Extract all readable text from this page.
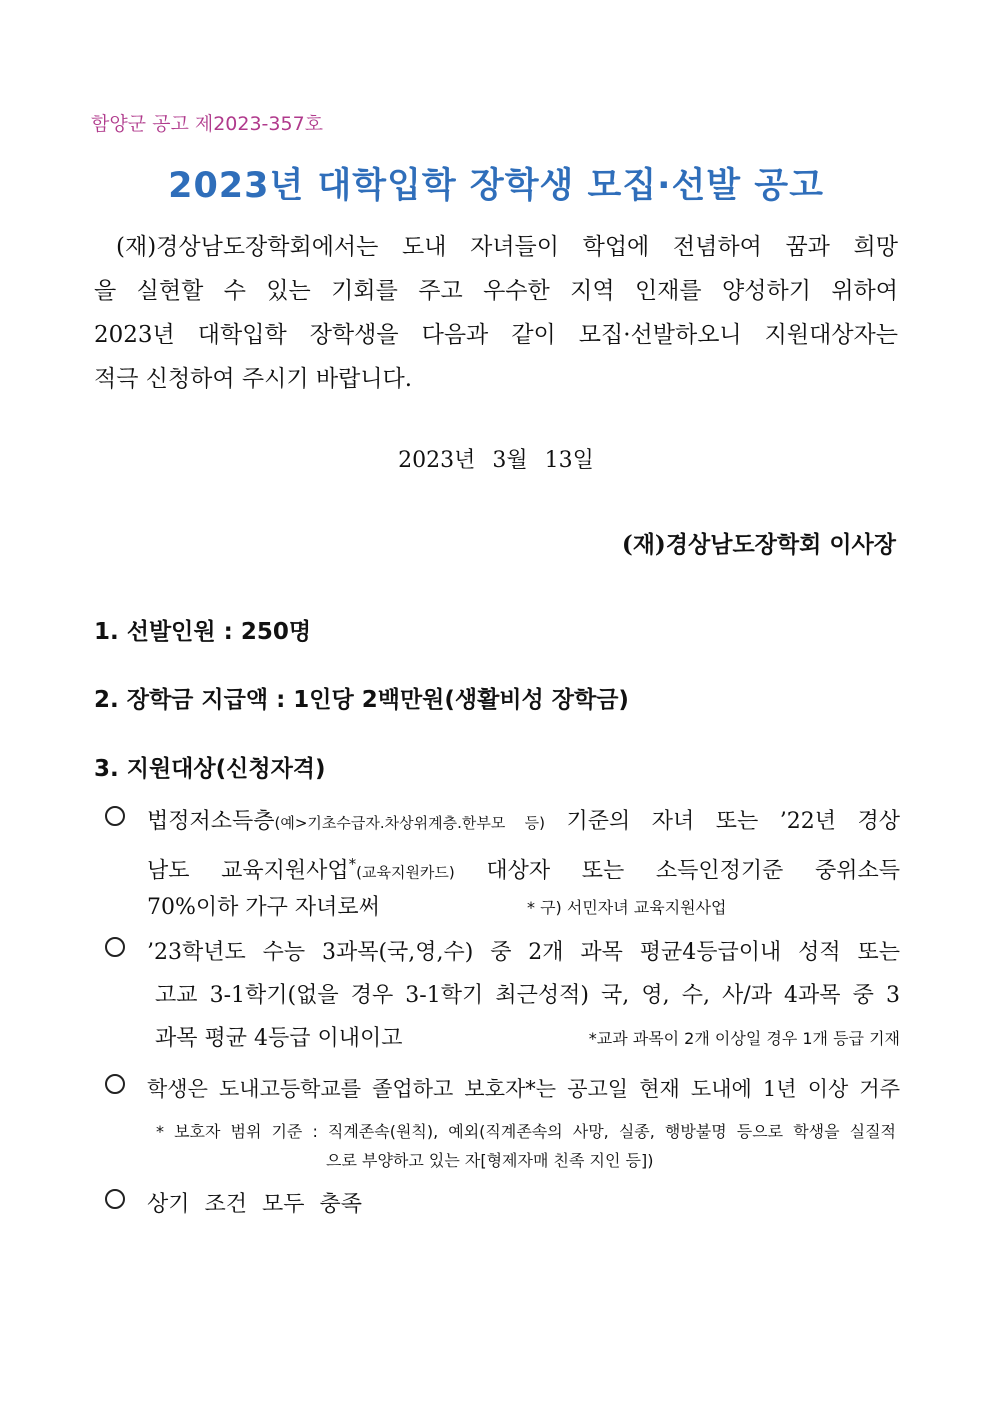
함양군 공고 제2023-357호
2023년 대학입학 장학생 모집·선발 공고
(재)경상남도장학회에서는 도내 자녀들이 학업에 전념하여 꿈과 희망
을 실현할 수 있는 기회를 주고 우수한 지역 인재를 양성하기 위하여
2023년 대학입학 장학생을 다음과 같이 모집·선발하오니 지원대상자는
적극 신청하여 주시기 바랍니다.
2023년 3월 13일
(재)경상남도장학회 이사장
1. 선발인원 : 250명
2. 장학금 지급액 : 1인당 2백만원(생활비성 장학금)
3. 지원대상(신청자격)
법정저소득층(예>기초수급자.차상위계층.한부모 등) 기준의 자녀 또는 ’22년 경상
남도 교육지원사업*(교육지원카드) 대상자 또는 소득인정기준 중위소득
70%이하 가구 자녀로써	* 구) 서민자녀 교육지원사업
’23학년도 수능 3과목(국,영,수) 중 2개 과목 평균4등급이내 성적 또는
고교 3-1학기(없을 경우 3-1학기 최근성적) 국, 영, 수, 사/과 4과목 중 3
과목 평균 4등급 이내이고	*교과 과목이 2개 이상일 경우 1개 등급 기재
학생은 도내고등학교를 졸업하고 보호자*는 공고일 현재 도내에 1년 이상 거주
* 보호자 범위 기준 : 직계존속(원칙), 예외(직계존속의 사망, 실종, 행방불명 등으로 학생을 실질적
으로 부양하고 있는 자[형제자매 친족 지인 등])
상기 조건 모두 충족
